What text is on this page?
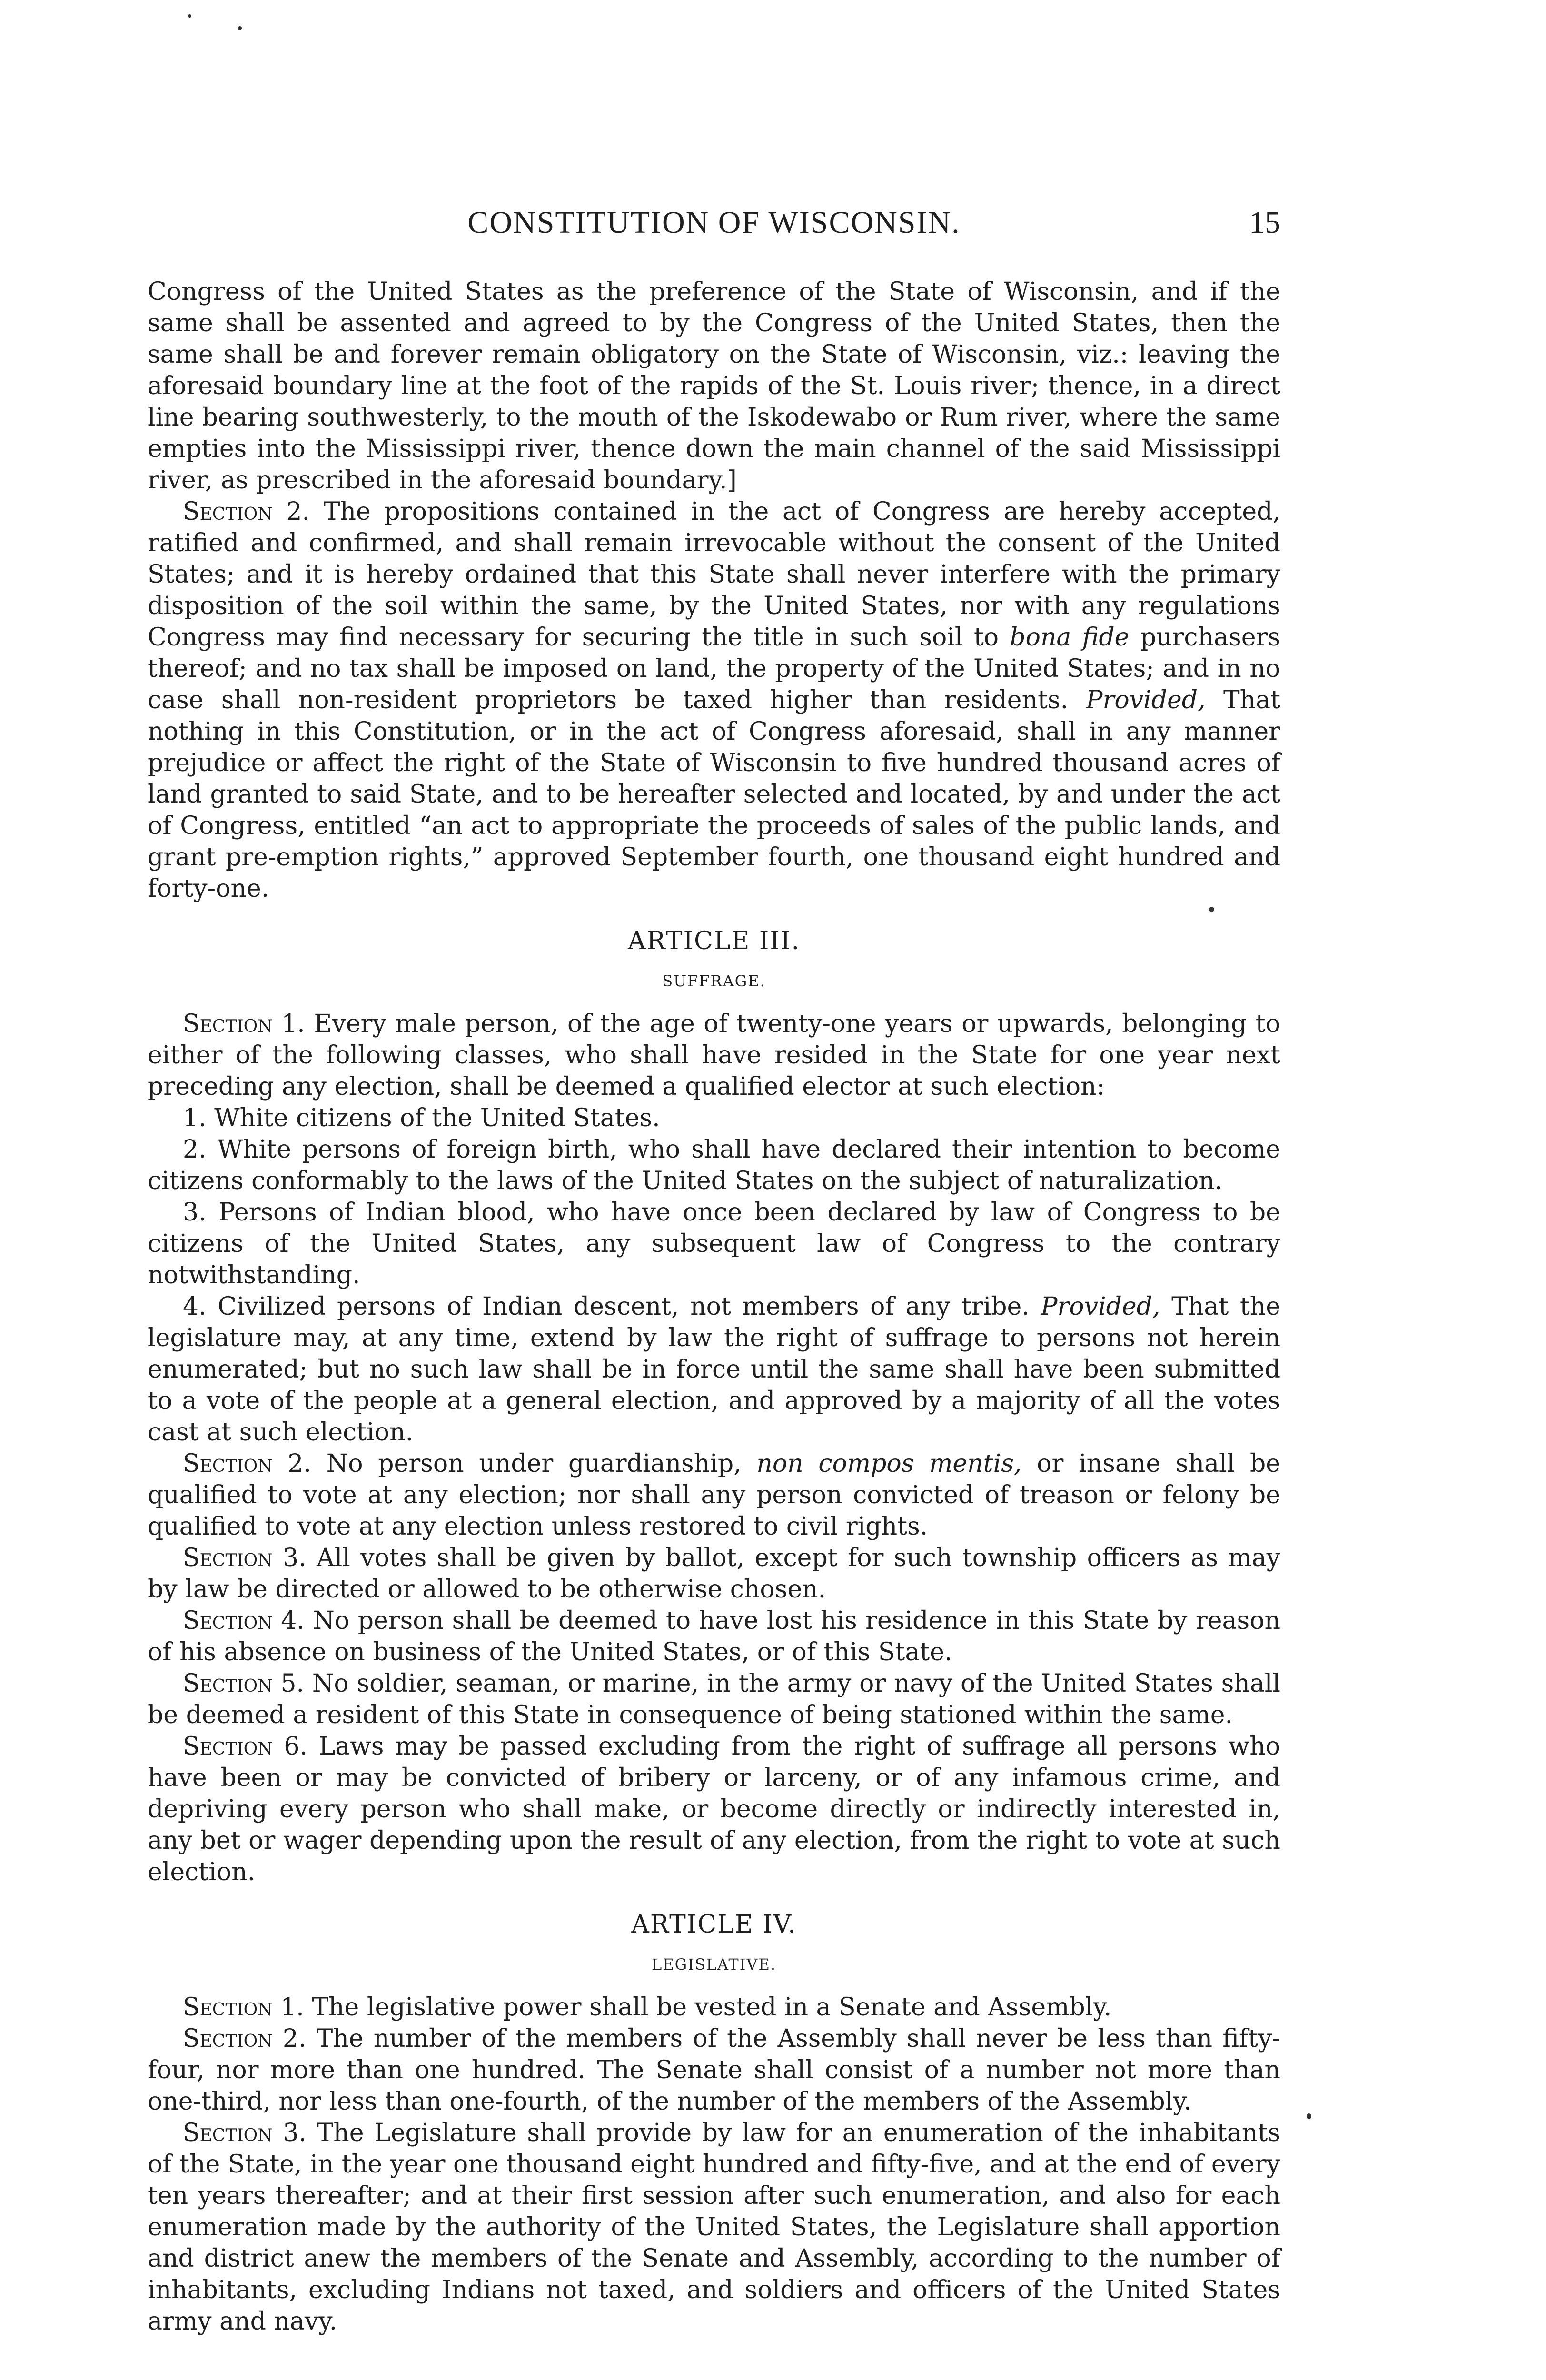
CONSTITUTION OF WISCONSIN.	15

Congress of the United States as the preference of the State of Wisconsin, and if the same shall be assented and agreed to by the Congress of the United States, then the same shall be and forever remain obligatory on the State of Wisconsin, viz.: leaving the aforesaid boundary line at the foot of the rapids of the St. Louis river; thence, in a direct line bearing southwesterly, to the mouth of the Iskodewabo or Rum river, where the same empties into the Mississippi river, thence down the main channel of the said Mississippi river, as prescribed in the aforesaid boundary.]

Section 2. The propositions contained in the act of Congress are hereby accepted, ratified and confirmed, and shall remain irrevocable without the consent of the United States; and it is hereby ordained that this State shall never interfere with the primary disposition of the soil within the same, by the United States, nor with any regulations Congress may find necessary for securing the title in such soil to bona fide purchasers thereof; and no tax shall be imposed on land, the property of the United States; and in no case shall non-resident proprietors be taxed higher than residents. Provided, That nothing in this Constitution, or in the act of Congress aforesaid, shall in any manner prejudice or affect the right of the State of Wisconsin to five hundred thousand acres of land granted to said State, and to be hereafter selected and located, by and under the act of Congress, entitled “an act to appropriate the proceeds of sales of the public lands, and grant pre-emption rights,” approved September fourth, one thousand eight hundred and forty-one.

ARTICLE III.
SUFFRAGE.

Section 1. Every male person, of the age of twenty-one years or upwards, belonging to either of the following classes, who shall have resided in the State for one year next preceding any election, shall be deemed a qualified elector at such election:

1. White citizens of the United States.

2. White persons of foreign birth, who shall have declared their intention to become citizens conformably to the laws of the United States on the subject of naturalization.

3. Persons of Indian blood, who have once been declared by law of Congress to be citizens of the United States, any subsequent law of Congress to the contrary notwithstanding.

4. Civilized persons of Indian descent, not members of any tribe. Provided, That the legislature may, at any time, extend by law the right of suffrage to persons not herein enumerated; but no such law shall be in force until the same shall have been submitted to a vote of the people at a general election, and approved by a majority of all the votes cast at such election.

Section 2. No person under guardianship, non compos mentis, or insane shall be qualified to vote at any election; nor shall any person convicted of treason or felony be qualified to vote at any election unless restored to civil rights.

Section 3. All votes shall be given by ballot, except for such township officers as may by law be directed or allowed to be otherwise chosen.

Section 4. No person shall be deemed to have lost his residence in this State by reason of his absence on business of the United States, or of this State.

Section 5. No soldier, seaman, or marine, in the army or navy of the United States shall be deemed a resident of this State in consequence of being stationed within the same.

Section 6. Laws may be passed excluding from the right of suffrage all persons who have been or may be convicted of bribery or larceny, or of any infamous crime, and depriving every person who shall make, or become directly or indirectly interested in, any bet or wager depending upon the result of any election, from the right to vote at such election.

ARTICLE IV.
LEGISLATIVE.

Section 1. The legislative power shall be vested in a Senate and Assembly.

Section 2. The number of the members of the Assembly shall never be less than fifty-four, nor more than one hundred. The Senate shall consist of a number not more than one-third, nor less than one-fourth, of the number of the members of the Assembly.

Section 3. The Legislature shall provide by law for an enumeration of the inhabitants of the State, in the year one thousand eight hundred and fifty-five, and at the end of every ten years thereafter; and at their first session after such enumeration, and also for each enumeration made by the authority of the United States, the Legislature shall apportion and district anew the members of the Senate and Assembly, according to the number of inhabitants, excluding Indians not taxed, and soldiers and officers of the United States army and navy.
